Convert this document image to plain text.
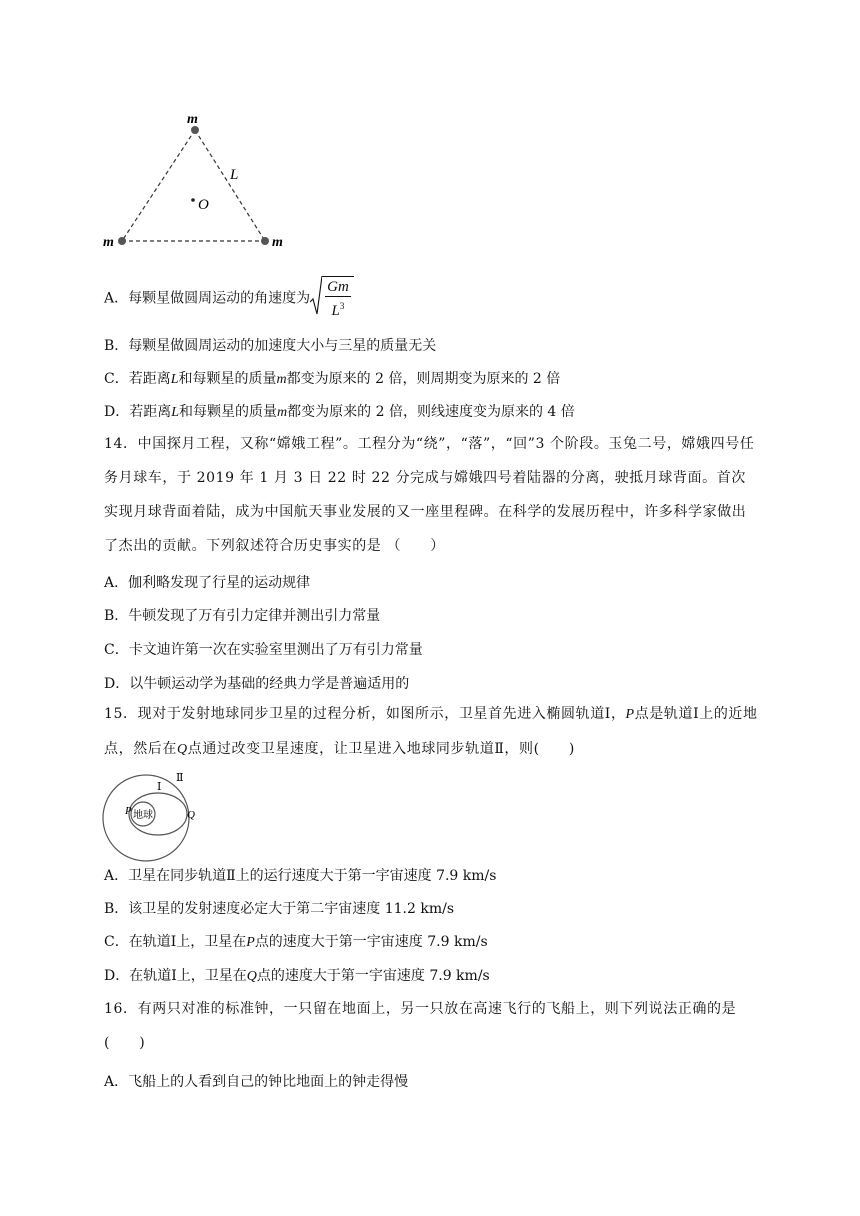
m
m	m
L
O
A．每颗星做圆周运动的角速度为 $\frac{Gm}{L^3}$
B．每颗星做圆周运动的加速度大小与三星的质量无关
C．若距离L和每颗星的质量m都变为原来的 2 倍，则周期变为原来的 2 倍
D．若距离L和每颗星的质量m都变为原来的 2 倍，则线速度变为原来的 4 倍
14．中国探月工程，又称“嫦娥工程”。工程分为“绕”，“落”，“回”3 个阶段。玉兔二号，嫦娥四号任务月球车，于 2019 年 1 月 3 日 22 时 22 分完成与嫦娥四号着陆器的分离，驶抵月球背面。首次实现月球背面着陆，成为中国航天事业发展的又一座里程碑。在科学的发展历程中，许多科学家做出了杰出的贡献。下列叙述符合历史事实的是 （　　）
A．伽利略发现了行星的运动规律
B．牛顿发现了万有引力定律并测出引力常量
C．卡文迪许第一次在实验室里测出了万有引力常量
D．以牛顿运动学为基础的经典力学是普遍适用的
15．现对于发射地球同步卫星的过程分析，如图所示，卫星首先进入椭圆轨道Ⅰ，P点是轨道Ⅰ上的近地点，然后在Q点通过改变卫星速度，让卫星进入地球同步轨道Ⅱ，则(　　)
地球
P	Q
Ⅰ
Ⅱ
A．卫星在同步轨道Ⅱ上的运行速度大于第一宇宙速度 7.9 km/s
B．该卫星的发射速度必定大于第二宇宙速度 11.2 km/s
C．在轨道Ⅰ上，卫星在P点的速度大于第一宇宙速度 7.9 km/s
D．在轨道Ⅰ上，卫星在Q点的速度大于第一宇宙速度 7.9 km/s
16．有两只对准的标准钟，一只留在地面上，另一只放在高速飞行的飞船上，则下列说法正确的是(　　)
A．飞船上的人看到自己的钟比地面上的钟走得慢
